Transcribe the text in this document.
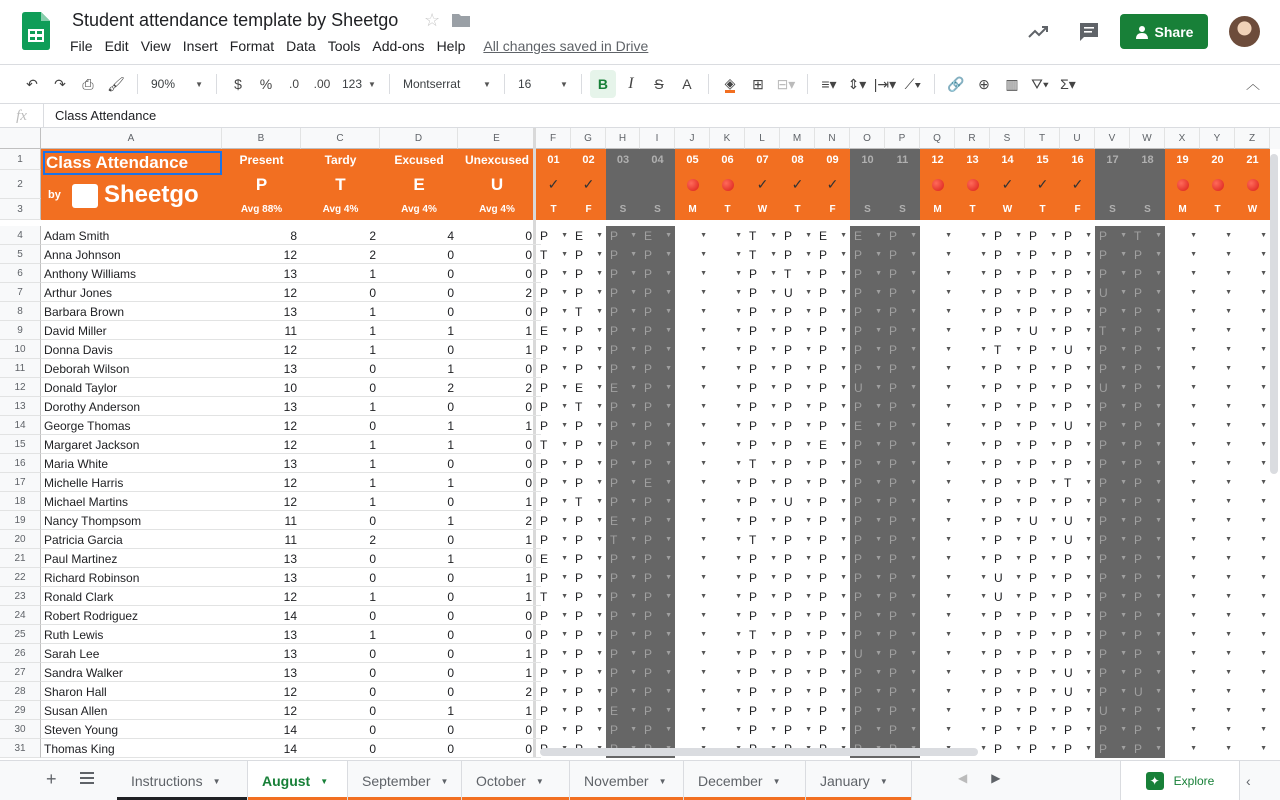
Student attendance template by Sheetgo ☆
File Edit View Insert Format Data Tools Add-ons Help	All changes saved in Drive
Share
↶	↷	⎙ 🖌	90%	▼	$	%	.0	.00 123 ▼ Montserrat	▼ 16	▼	B	I	S	A	◈	⊞ ⊟▾	≡▾ ⇕▾ |⇥▾ ⟋▾	🔗 ⊕	▥ ⛛▾ Σ▾	︿
fx	Class Attendance
A	B	C	D	E	F	G	H	I	J	K	L	M	N	O	P	Q	R	S	T	U	V	W	X	Y	Z
1
2
3
4
5
6
7
8
9
10
11
12
13
14
15
16
17
18
19
20
21
22
23
24
25
26
27
28
29
30
31
Class Attendance
by Sheetgo
Present
P
Avg 88%
Tardy
T
Avg 4%
Excused
E
Avg 4%
Unexcused
U
Avg 4%
01
✓
T
02
✓
F
03
S
04
S
05
M
06
T
07
✓
W
08
✓
T
09
✓
F
10
S
11
S
12
M
13
T
14
✓
W
15
✓
T
16
✓
F
17
S
18
S
19
M
20
T
21
W
Adam Smith	8	2	4	0 P ▼ E ▼ P ▼ E ▼	▼	▼ T ▼ P ▼ E ▼ E ▼ P ▼	▼	▼ P ▼ P ▼ P ▼ P ▼ T ▼	▼	▼	▼
Anna Johnson	12	2	0	0 T ▼ P ▼ P ▼ P ▼	▼	▼ T ▼ P ▼ P ▼ P ▼ P ▼	▼	▼ P ▼ P ▼ P ▼ P ▼ P ▼	▼	▼	▼
Anthony Williams	13	1	0	0 P ▼ P ▼ P ▼ P ▼	▼	▼ P ▼ T ▼ P ▼ P ▼ P ▼	▼	▼ P ▼ P ▼ P ▼ P ▼ P ▼	▼	▼	▼
Arthur Jones	12	0	0	2 P ▼ P ▼ P ▼ P ▼	▼	▼ P ▼ U ▼ P ▼ P ▼ P ▼	▼	▼ P ▼ P ▼ P ▼ U ▼ P ▼	▼	▼	▼
Barbara Brown	13	1	0	0 P ▼ T ▼ P ▼ P ▼	▼	▼ P ▼ P ▼ P ▼ P ▼ P ▼	▼	▼ P ▼ P ▼ P ▼ P ▼ P ▼	▼	▼	▼
David Miller	11	1	1	1 E ▼ P ▼ P ▼ P ▼	▼	▼ P ▼ P ▼ P ▼ P ▼ P ▼	▼	▼ P ▼ U ▼ P ▼ T ▼ P ▼	▼	▼	▼
Donna Davis	12	1	0	1 P ▼ P ▼ P ▼ P ▼	▼	▼ P ▼ P ▼ P ▼ P ▼ P ▼	▼	▼ T ▼ P ▼ U ▼ P ▼ P ▼	▼	▼	▼
Deborah Wilson	13	0	1	0 P ▼ P ▼ P ▼ P ▼	▼	▼ P ▼ P ▼ P ▼ P ▼ P ▼	▼	▼ P ▼ P ▼ P ▼ P ▼ P ▼	▼	▼	▼
Donald Taylor	10	0	2	2 P ▼ E ▼ E ▼ P ▼	▼	▼ P ▼ P ▼ P ▼ U ▼ P ▼	▼	▼ P ▼ P ▼ P ▼ U ▼ P ▼	▼	▼	▼
Dorothy Anderson	13	1	0	0 P ▼ T ▼ P ▼ P ▼	▼	▼ P ▼ P ▼ P ▼ P ▼ P ▼	▼	▼ P ▼ P ▼ P ▼ P ▼ P ▼	▼	▼	▼
George Thomas	12	0	1	1 P ▼ P ▼ P ▼ P ▼	▼	▼ P ▼ P ▼ P ▼ E ▼ P ▼	▼	▼ P ▼ P ▼ U ▼ P ▼ P ▼	▼	▼	▼
Margaret Jackson	12	1	1	0 T ▼ P ▼ P ▼ P ▼	▼	▼ P ▼ P ▼ E ▼ P ▼ P ▼	▼	▼ P ▼ P ▼ P ▼ P ▼ P ▼	▼	▼	▼
Maria White	13	1	0	0 P ▼ P ▼ P ▼ P ▼	▼	▼ T ▼ P ▼ P ▼ P ▼ P ▼	▼	▼ P ▼ P ▼ P ▼ P ▼ P ▼	▼	▼	▼
Michelle Harris	12	1	1	0 P ▼ P ▼ P ▼ E ▼	▼	▼ P ▼ P ▼ P ▼ P ▼ P ▼	▼	▼ P ▼ P ▼ T ▼ P ▼ P ▼	▼	▼	▼
Michael Martins	12	1	0	1 P ▼ T ▼ P ▼ P ▼	▼	▼ P ▼ U ▼ P ▼ P ▼ P ▼	▼	▼ P ▼ P ▼ P ▼ P ▼ P ▼	▼	▼	▼
Nancy Thompsom	11	0	1	2 P ▼ P ▼ E ▼ P ▼	▼	▼ P ▼ P ▼ P ▼ P ▼ P ▼	▼	▼ P ▼ U ▼ U ▼ P ▼ P ▼	▼	▼	▼
Patricia Garcia	11	2	0	1 P ▼ P ▼ T ▼ P ▼	▼	▼ T ▼ P ▼ P ▼ P ▼ P ▼	▼	▼ P ▼ P ▼ U ▼ P ▼ P ▼	▼	▼	▼
Paul Martinez	13	0	1	0 E ▼ P ▼ P ▼ P ▼	▼	▼ P ▼ P ▼ P ▼ P ▼ P ▼	▼	▼ P ▼ P ▼ P ▼ P ▼ P ▼	▼	▼	▼
Richard Robinson	13	0	0	1 P ▼ P ▼ P ▼ P ▼	▼	▼ P ▼ P ▼ P ▼ P ▼ P ▼	▼	▼ U ▼ P ▼ P ▼ P ▼ P ▼	▼	▼	▼
Ronald Clark	12	1	0	1 T ▼ P ▼ P ▼ P ▼	▼	▼ P ▼ P ▼ P ▼ P ▼ P ▼	▼	▼ U ▼ P ▼ P ▼ P ▼ P ▼	▼	▼	▼
Robert Rodriguez	14	0	0	0 P ▼ P ▼ P ▼ P ▼	▼	▼ P ▼ P ▼ P ▼ P ▼ P ▼	▼	▼ P ▼ P ▼ P ▼ P ▼ P ▼	▼	▼	▼
Ruth Lewis	13	1	0	0 P ▼ P ▼ P ▼ P ▼	▼	▼ T ▼ P ▼ P ▼ P ▼ P ▼	▼	▼ P ▼ P ▼ P ▼ P ▼ P ▼	▼	▼	▼
Sarah Lee	13	0	0	1 P ▼ P ▼ P ▼ P ▼	▼	▼ P ▼ P ▼ P ▼ U ▼ P ▼	▼	▼ P ▼ P ▼ P ▼ P ▼ P ▼	▼	▼	▼
Sandra Walker	13	0	0	1 P ▼ P ▼ P ▼ P ▼	▼	▼ P ▼ P ▼ P ▼ P ▼ P ▼	▼	▼ P ▼ P ▼ U ▼ P ▼ P ▼	▼	▼	▼
Sharon Hall	12	0	0	2 P ▼ P ▼ P ▼ P ▼	▼	▼ P ▼ P ▼ P ▼ P ▼ P ▼	▼	▼ P ▼ P ▼ U ▼ P ▼ U ▼	▼	▼	▼
Susan Allen	12	0	1	1 P ▼ P ▼ E ▼ P ▼	▼	▼ P ▼ P ▼ P ▼ P ▼ P ▼	▼	▼ P ▼ P ▼ P ▼ U ▼ P ▼	▼	▼	▼
Steven Young	14	0	0	0 P ▼ P ▼ P ▼ P ▼	▼	▼ P ▼ P ▼ P ▼ P ▼ P ▼	▼	▼ P ▼ P ▼ P ▼ P ▼ P ▼	▼	▼	▼
Thomas King	14	0	0	0	▼ P ▼ P ▼ P ▼ P ▼ P ▼	▼	▼	▼
+	Instructions ▼	August ▼ September ▼ October ▼	November ▼ December ▼	January ▼	◀ ▶	✦	Explore ‹
